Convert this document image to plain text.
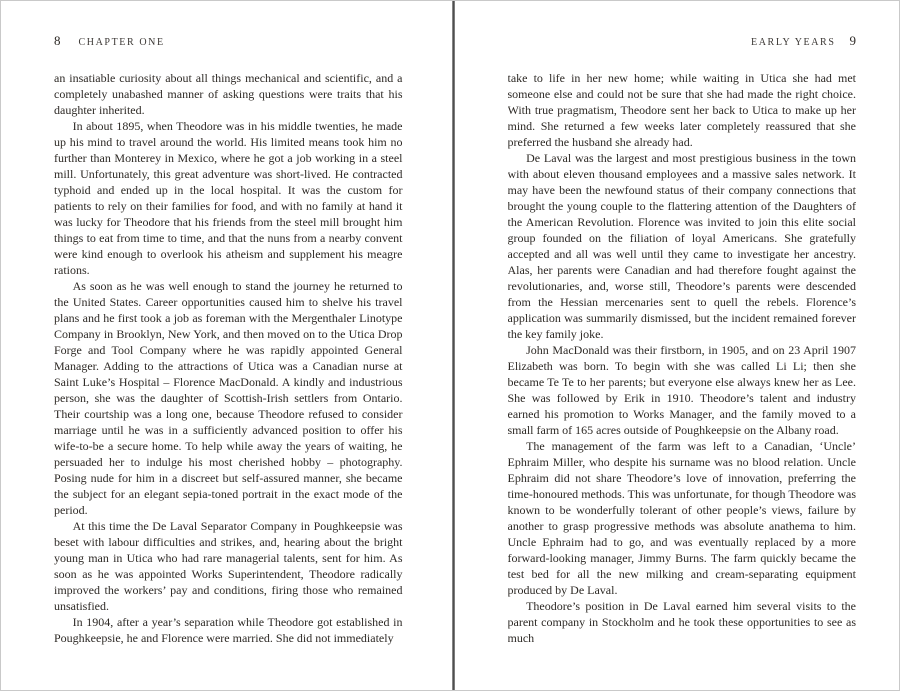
8 CHAPTER ONE

an insatiable curiosity about all things mechanical and scientific, and a completely unabashed manner of asking questions were traits that his daughter inherited.

In about 1895, when Theodore was in his middle twenties, he made up his mind to travel around the world. His limited means took him no further than Monterey in Mexico, where he got a job working in a steel mill. Unfortunately, this great adventure was short-lived. He contracted typhoid and ended up in the local hospital. It was the custom for patients to rely on their families for food, and with no family at hand it was lucky for Theodore that his friends from the steel mill brought him things to eat from time to time, and that the nuns from a nearby convent were kind enough to overlook his atheism and supplement his meagre rations.

As soon as he was well enough to stand the journey he returned to the United States. Career opportunities caused him to shelve his travel plans and he first took a job as foreman with the Mergenthaler Linotype Company in Brooklyn, New York, and then moved on to the Utica Drop Forge and Tool Company where he was rapidly appointed General Manager. Adding to the attractions of Utica was a Canadian nurse at Saint Luke’s Hospital – Florence MacDonald. A kindly and industrious person, she was the daughter of Scottish-Irish settlers from Ontario. Their courtship was a long one, because Theodore refused to consider marriage until he was in a sufficiently advanced position to offer his wife-to-be a secure home. To help while away the years of waiting, he persuaded her to indulge his most cherished hobby – photography. Posing nude for him in a discreet but self-assured manner, she became the subject for an elegant sepia-toned portrait in the exact mode of the period.

At this time the De Laval Separator Company in Poughkeepsie was beset with labour difficulties and strikes, and, hearing about the bright young man in Utica who had rare managerial talents, sent for him. As soon as he was appointed Works Superintendent, Theodore radically improved the workers’ pay and conditions, firing those who remained unsatisfied.

In 1904, after a year’s separation while Theodore got established in Poughkeepsie, he and Florence were married. She did not immediately

EARLY YEARS 9

take to life in her new home; while waiting in Utica she had met someone else and could not be sure that she had made the right choice. With true pragmatism, Theodore sent her back to Utica to make up her mind. She returned a few weeks later completely reassured that she preferred the husband she already had.

De Laval was the largest and most prestigious business in the town with about eleven thousand employees and a massive sales network. It may have been the newfound status of their company connections that brought the young couple to the flattering attention of the Daughters of the American Revolution. Florence was invited to join this elite social group founded on the filiation of loyal Americans. She gratefully accepted and all was well until they came to investigate her ancestry. Alas, her parents were Canadian and had therefore fought against the revolutionaries, and, worse still, Theodore’s parents were descended from the Hessian mercenaries sent to quell the rebels. Florence’s application was summarily dismissed, but the incident remained forever the key family joke.

John MacDonald was their firstborn, in 1905, and on 23 April 1907 Elizabeth was born. To begin with she was called Li Li; then she became Te Te to her parents; but everyone else always knew her as Lee. She was followed by Erik in 1910. Theodore’s talent and industry earned his promotion to Works Manager, and the family moved to a small farm of 165 acres outside of Poughkeepsie on the Albany road.

The management of the farm was left to a Canadian, ‘Uncle’ Ephraim Miller, who despite his surname was no blood relation. Uncle Ephraim did not share Theodore’s love of innovation, preferring the time-honoured methods. This was unfortunate, for though Theodore was known to be wonderfully tolerant of other people’s views, failure by another to grasp progressive methods was absolute anathema to him. Uncle Ephraim had to go, and was eventually replaced by a more forward-looking manager, Jimmy Burns. The farm quickly became the test bed for all the new milking and cream-separating equipment produced by De Laval.

Theodore’s position in De Laval earned him several visits to the parent company in Stockholm and he took these opportunities to see as much
